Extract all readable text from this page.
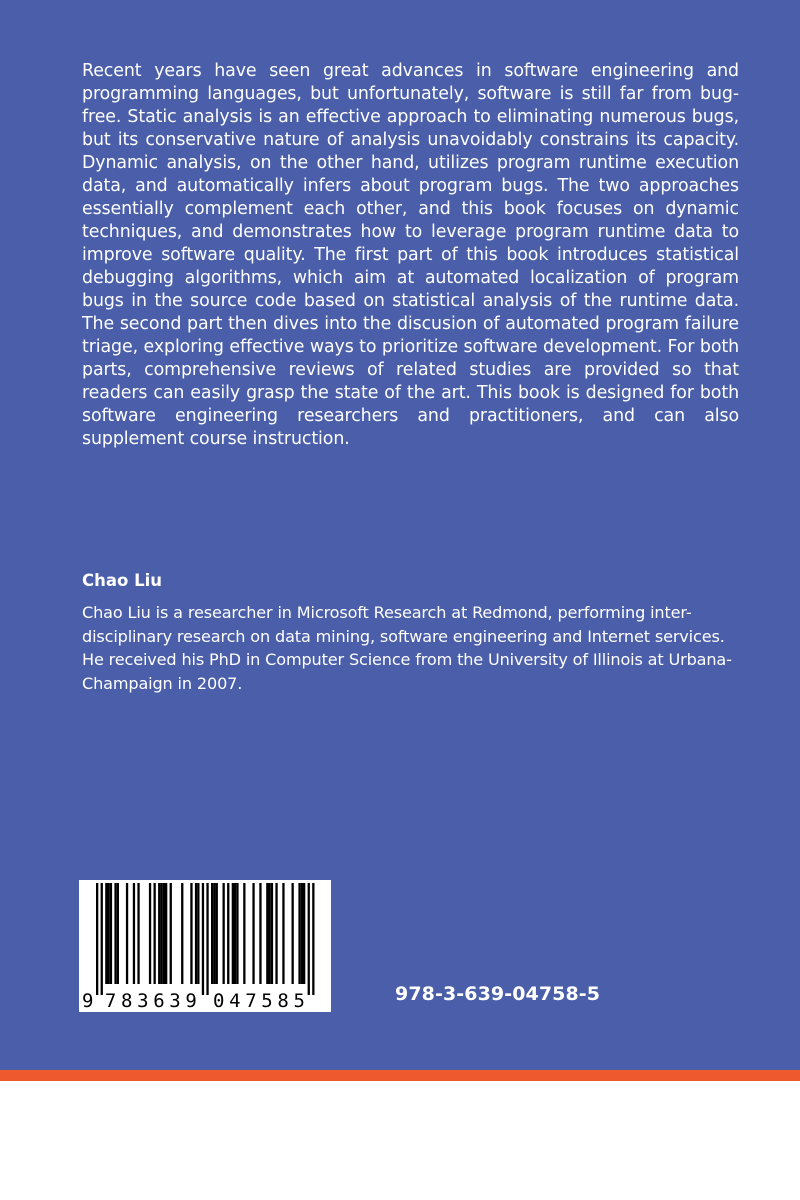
Recent years have seen great advances in software engineering and programming languages, but unfortunately, software is still far from bug-free. Static analysis is an effective approach to eliminating numerous bugs, but its conservative nature of analysis unavoidably constrains its capacity. Dynamic analysis, on the other hand, utilizes program runtime execution data, and automatically infers about program bugs. The two approaches essentially complement each other, and this book focuses on dynamic techniques, and demonstrates how to leverage program runtime data to improve software quality. The first part of this book introduces statistical debugging algorithms, which aim at automated localization of program bugs in the source code based on statistical analysis of the runtime data. The second part then dives into the discusion of automated program failure triage, exploring effective ways to prioritize software development. For both parts, comprehensive reviews of related studies are provided so that readers can easily grasp the state of the art. This book is designed for both software engineering researchers and practitioners, and can also supplement course instruction.

Chao Liu

Chao Liu is a researcher in Microsoft Research at Redmond, performing inter-disciplinary research on data mining, software engineering and Internet services. He received his PhD in Computer Science from the University of Illinois at Urbana-Champaign in 2007.

9 7 8 3 6 3 9 0 4 7 5 8 5	978-3-639-04758-5
